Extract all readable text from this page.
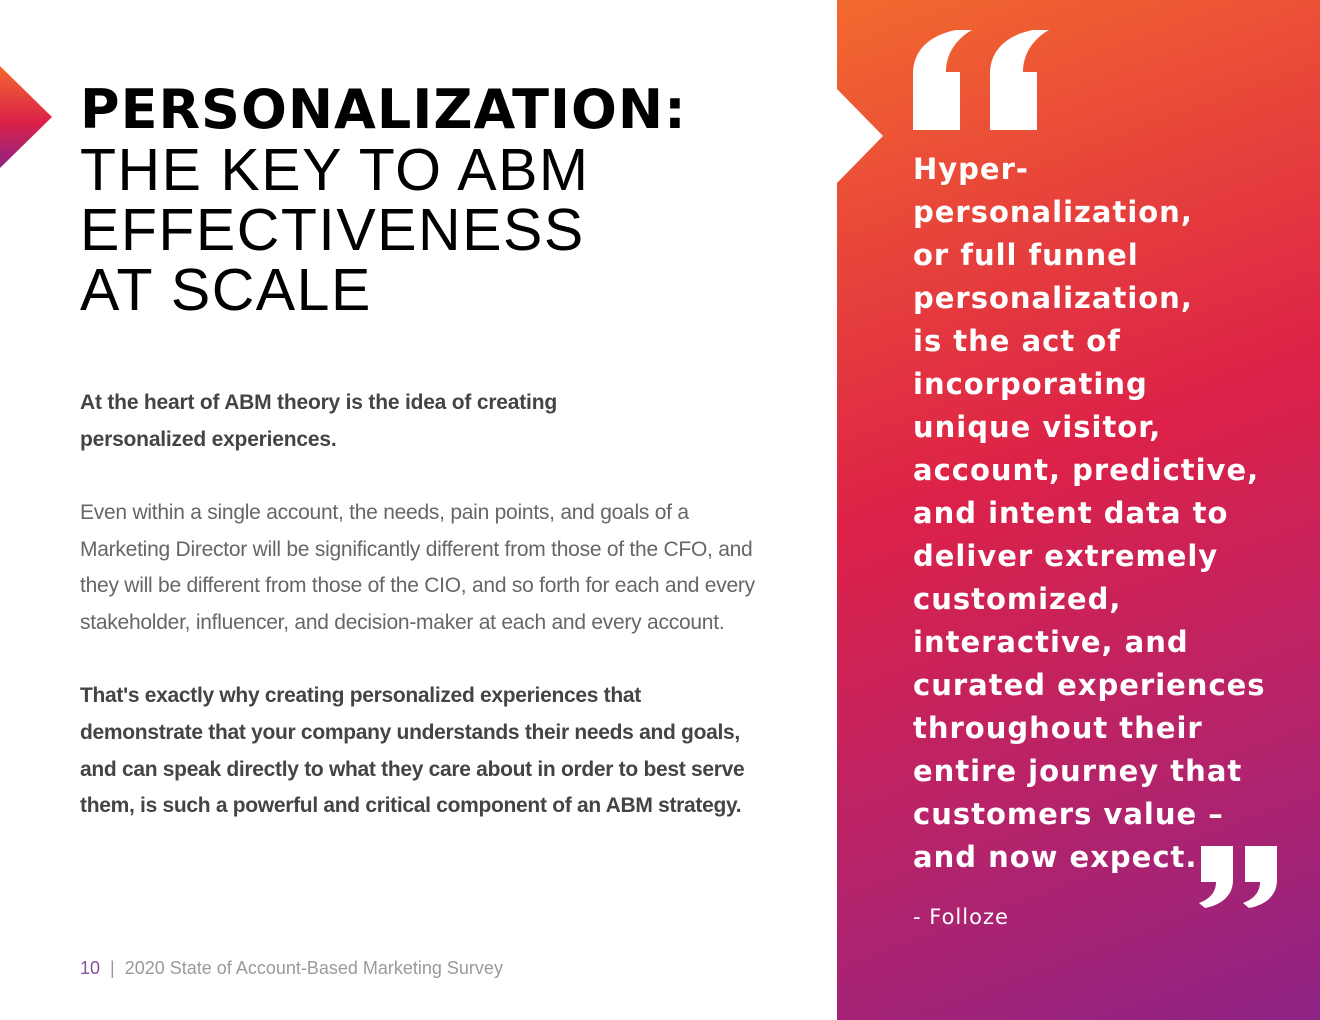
PERSONALIZATION:
THE KEY TO ABM
EFFECTIVENESS
AT SCALE

At the heart of ABM theory is the idea of creating personalized experiences.

Even within a single account, the needs, pain points, and goals of a Marketing Director will be significantly different from those of the CFO, and they will be different from those of the CIO, and so forth for each and every stakeholder, influencer, and decision-maker at each and every account.

That's exactly why creating personalized experiences that demonstrate that your company understands their needs and goals, and can speak directly to what they care about in order to best serve them, is such a powerful and critical component of an ABM strategy.

10 | 2020 State of Account-Based Marketing Survey
Hyper-
personalization,
or full funnel
personalization,
is the act of
incorporating
unique visitor,
account, predictive,
and intent data to
deliver extremely
customized,
interactive, and
curated experiences
throughout their
entire journey that
customers value –
and now expect.
- Folloze
